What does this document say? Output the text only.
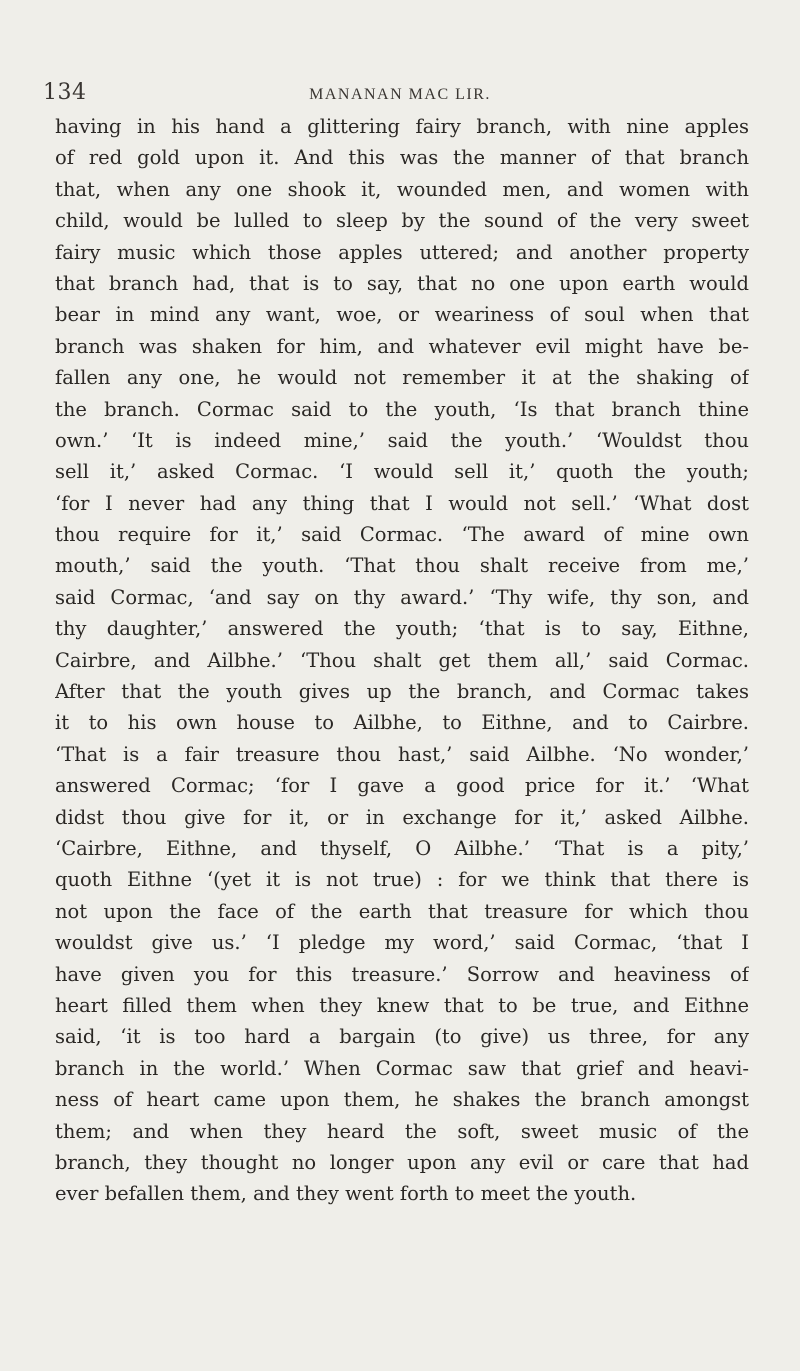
134	MANANAN MAC LIR.
having in his hand a glittering fairy branch, with nine apples
of red gold upon it. And this was the manner of that branch
that, when any one shook it, wounded men, and women with
child, would be lulled to sleep by the sound of the very sweet
fairy music which those apples uttered; and another property
that branch had, that is to say, that no one upon earth would
bear in mind any want, woe, or weariness of soul when that
branch was shaken for him, and whatever evil might have be-
fallen any one, he would not remember it at the shaking of
the branch. Cormac said to the youth, ‘Is that branch thine
own.’ ‘It is indeed mine,’ said the youth.’ ‘Wouldst thou
sell it,’ asked Cormac. ‘I would sell it,’ quoth the youth;
‘for I never had any thing that I would not sell.’ ‘What dost
thou require for it,’ said Cormac. ‘The award of mine own
mouth,’ said the youth. ‘That thou shalt receive from me,’
said Cormac, ‘and say on thy award.’ ‘Thy wife, thy son, and
thy daughter,’ answered the youth; ‘that is to say, Eithne,
Cairbre, and Ailbhe.’ ‘Thou shalt get them all,’ said Cormac.
After that the youth gives up the branch, and Cormac takes
it to his own house to Ailbhe, to Eithne, and to Cairbre.
‘That is a fair treasure thou hast,’ said Ailbhe. ‘No wonder,’
answered Cormac; ‘for I gave a good price for it.’ ‘What
didst thou give for it, or in exchange for it,’ asked Ailbhe.
‘Cairbre, Eithne, and thyself, O Ailbhe.’ ‘That is a pity,’
quoth Eithne ‘(yet it is not true) : for we think that there is
not upon the face of the earth that treasure for which thou
wouldst give us.’ ‘I pledge my word,’ said Cormac, ‘that I
have given you for this treasure.’ Sorrow and heaviness of
heart filled them when they knew that to be true, and Eithne
said, ‘it is too hard a bargain (to give) us three, for any
branch in the world.’ When Cormac saw that grief and heavi-
ness of heart came upon them, he shakes the branch amongst
them; and when they heard the soft, sweet music of the
branch, they thought no longer upon any evil or care that had
ever befallen them, and they went forth to meet the youth.
